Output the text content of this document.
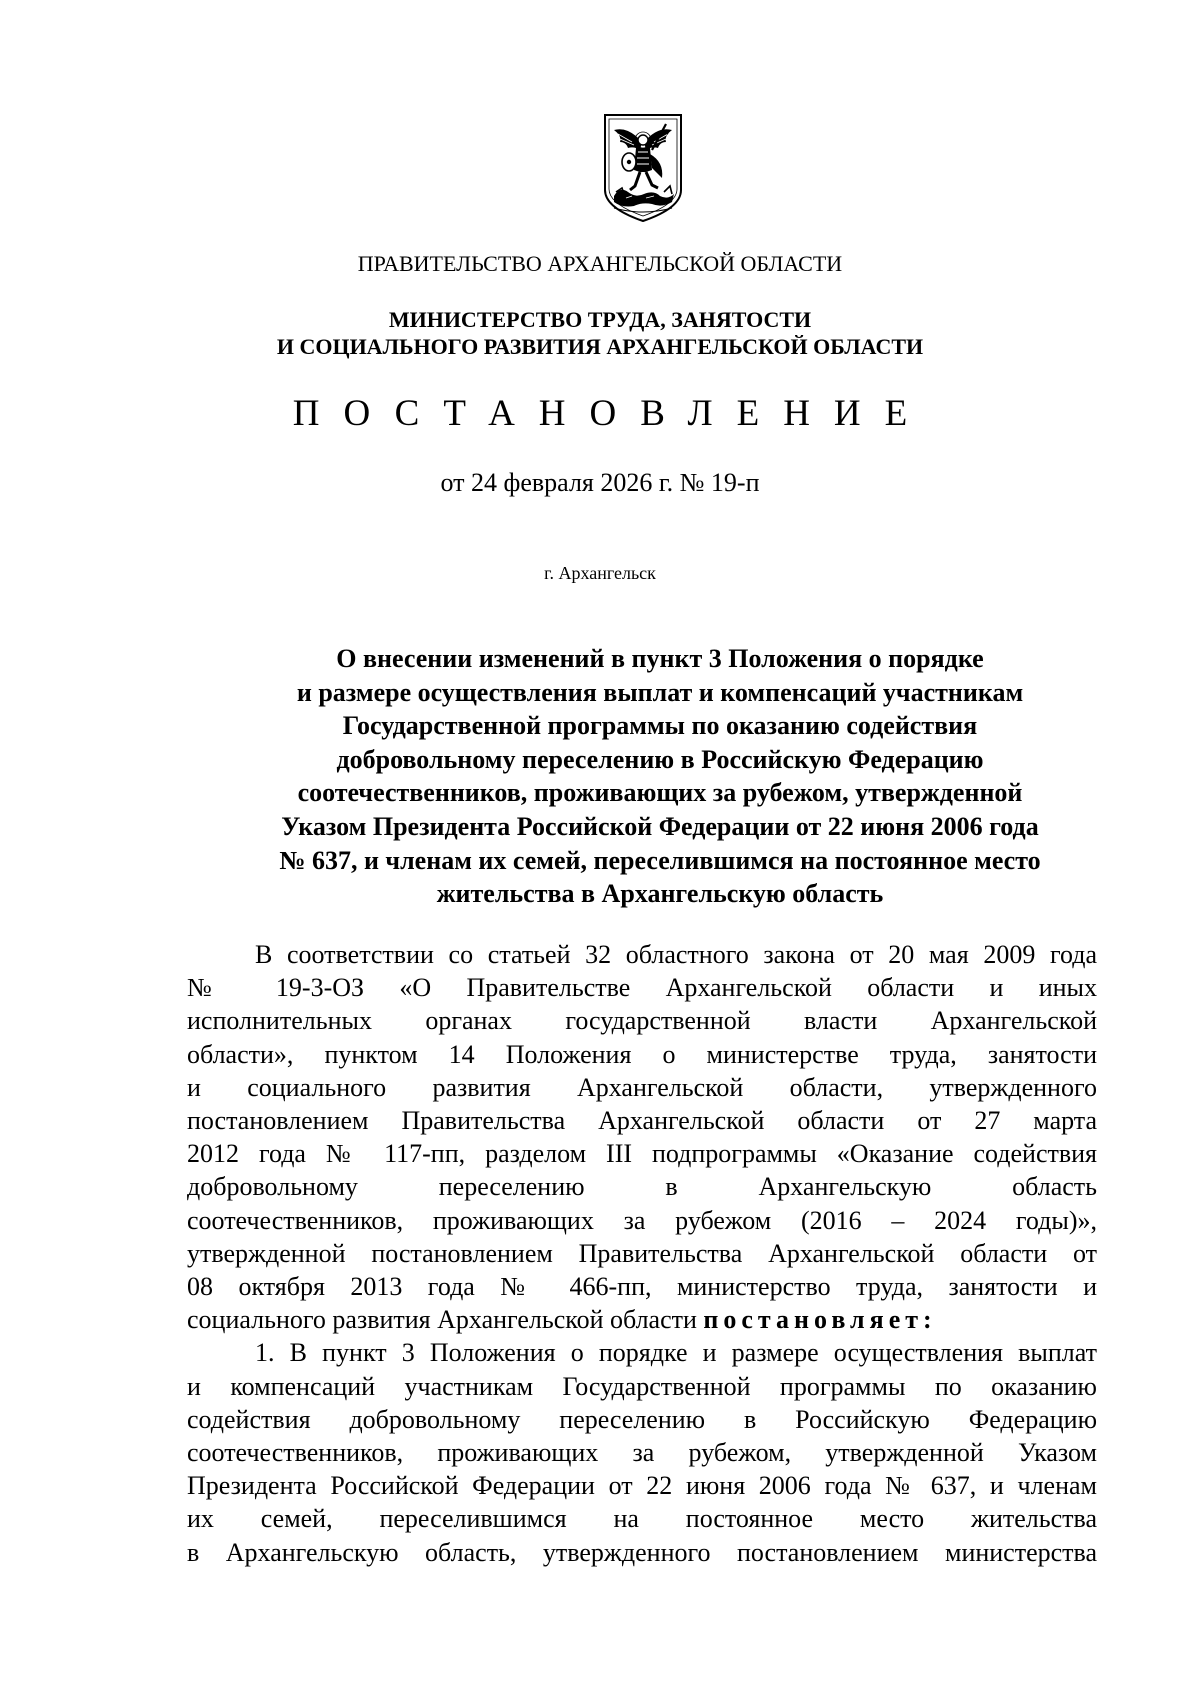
ПРАВИТЕЛЬСТВО АРХАНГЕЛЬСКОЙ ОБЛАСТИ
МИНИСТЕРСТВО ТРУДА, ЗАНЯТОСТИ
И СОЦИАЛЬНОГО РАЗВИТИЯ АРХАНГЕЛЬСКОЙ ОБЛАСТИ
ПОСТАНОВЛЕНИЕ
от 24 февраля 2026 г. № 19-п
г. Архангельск
О внесении изменений в пункт 3 Положения о порядке
и размере осуществления выплат и компенсаций участникам
Государственной программы по оказанию содействия
добровольному переселению в Российскую Федерацию
соотечественников, проживающих за рубежом, утвержденной
Указом Президента Российской Федерации от 22 июня 2006 года
№ 637, и членам их семей, переселившимся на постоянное место
жительства в Архангельскую область
В соответствии со статьей 32 областного закона от 20 мая 2009 года
№ 19-3-ОЗ «О Правительстве Архангельской области и иных
исполнительных органах государственной власти Архангельской
области», пунктом 14 Положения о министерстве труда, занятости
и социального развития Архангельской области, утвержденного
постановлением Правительства Архангельской области от 27 марта
2012 года № 117-пп, разделом III подпрограммы «Оказание содействия
добровольному переселению в Архангельскую область
соотечественников, проживающих за рубежом (2016 – 2024 годы)»,
утвержденной постановлением Правительства Архангельской области от
08 октября 2013 года № 466-пп, министерство труда, занятости и
социального развития Архангельской области постановляет:
1. В пункт 3 Положения о порядке и размере осуществления выплат
и компенсаций участникам Государственной программы по оказанию
содействия добровольному переселению в Российскую Федерацию
соотечественников, проживающих за рубежом, утвержденной Указом
Президента Российской Федерации от 22 июня 2006 года № 637, и членам
их семей, переселившимся на постоянное место жительства
в Архангельскую область, утвержденного постановлением министерства
